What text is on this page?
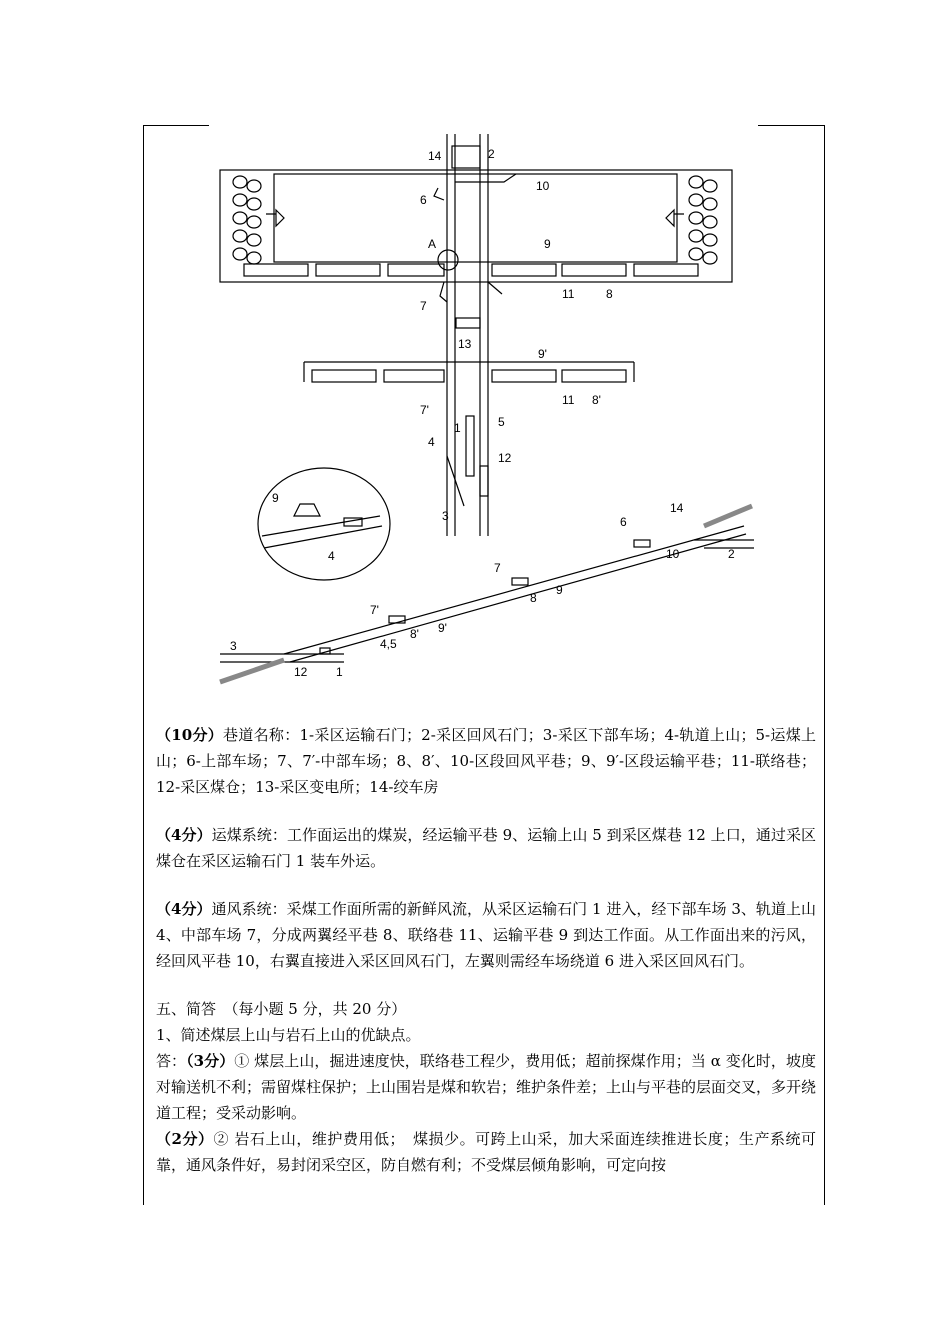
14	2
6
10
A	9
11	8
7
13
9'
11 8'
7'
1	5
4
12
3
9
4
14
6
10	2
7
8
9
7'
8' 9'
4,5
3
12 1

（10分）巷道名称：1-采区运输石门；2-采区回风石门；3-采区下部车场；4-轨道上山；5-运煤上山；6-上部车场；7、7′-中部车场；8、8′、10-区段回风平巷；9、9′-区段运输平巷；11-联络巷；12-采区煤仓；13-采区变电所；14-绞车房

（4分）运煤系统：工作面运出的煤炭，经运输平巷 9、运输上山 5 到采区煤巷 12 上口，通过采区煤仓在采区运输石门 1 装车外运。

（4分）通风系统：采煤工作面所需的新鲜风流，从采区运输石门 1 进入，经下部车场 3、轨道上山 4、中部车场 7，分成两翼经平巷 8、联络巷 11、运输平巷 9 到达工作面。从工作面出来的污风，经回风平巷 10，右翼直接进入采区回风石门，左翼则需经车场绕道 6 进入采区回风石门。

五、简答　（每小题 5 分，共 20 分）

1、简述煤层上山与岩石上山的优缺点。

答：（3分）① 煤层上山，掘进速度快，联络巷工程少，费用低；超前探煤作用；当 α 变化时，坡度对输送机不利；需留煤柱保护；上山围岩是煤和软岩；维护条件差；上山与平巷的层面交叉，多开绕道工程；受采动影响。

（2分）② 岩石上山，维护费用低；　煤损少。可跨上山采，加大采面连续推进长度；生产系统可靠，通风条件好，易封闭采空区，防自燃有利；不受煤层倾角影响，可定向按
